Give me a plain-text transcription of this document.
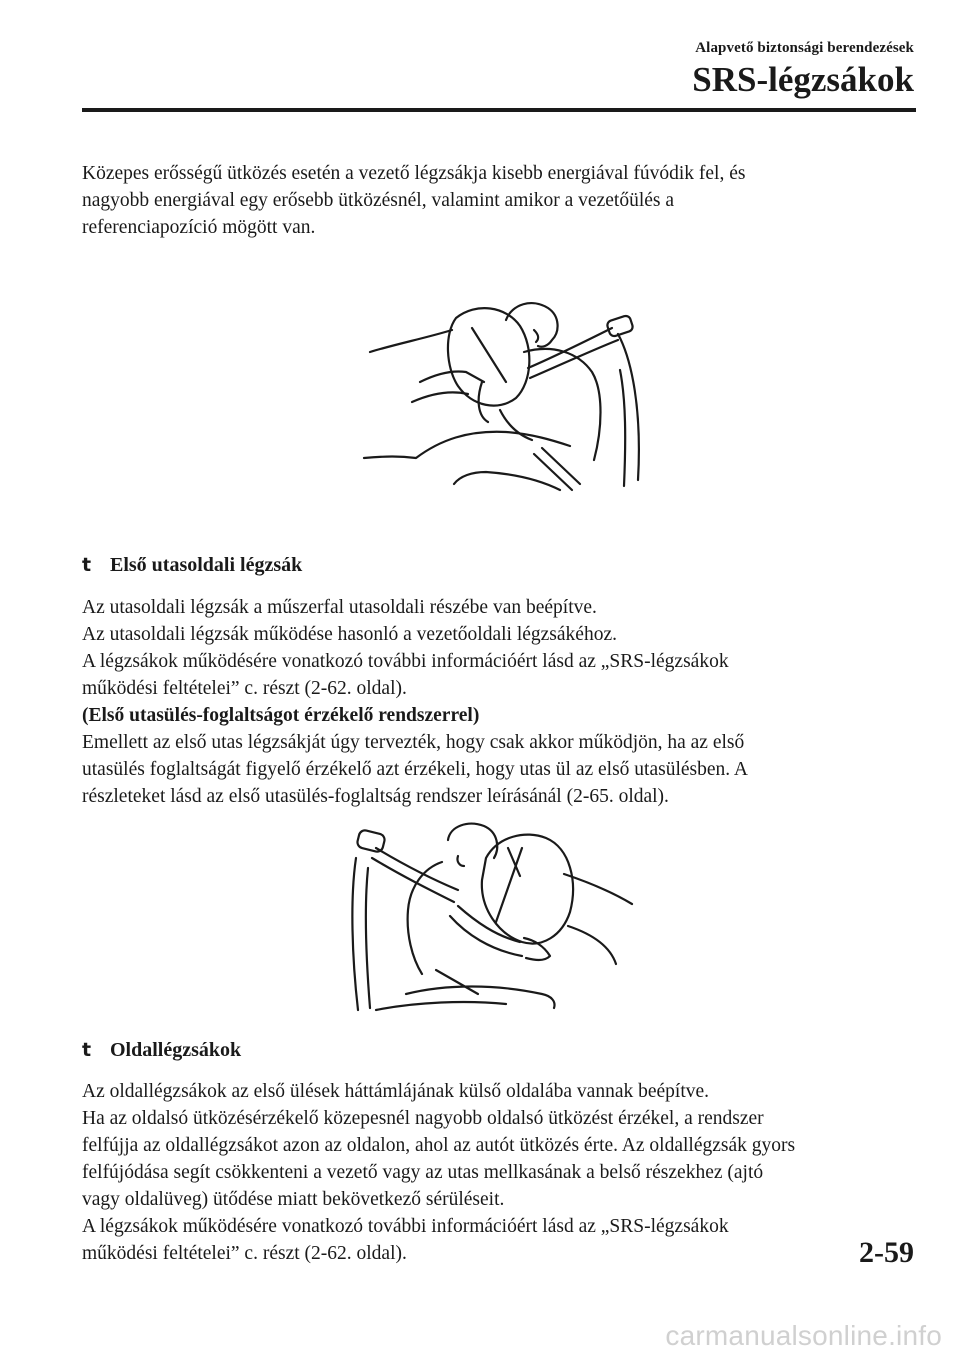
Alapvető biztonsági berendezések
SRS-légzsákok
Közepes erősségű ütközés esetén a vezető légzsákja kisebb energiával fúvódik fel, és
nagyobb energiával egy erősebb ütközésnél, valamint amikor a vezetőülés a
referenciapozíció mögött van.
t Első utasoldali légzsák
Az utasoldali légzsák a műszerfal utasoldali részébe van beépítve.
Az utasoldali légzsák működése hasonló a vezetőoldali légzsákéhoz.
A légzsákok működésére vonatkozó további információért lásd az „SRS-légzsákok
működési feltételei” c. részt (2-62. oldal).
(Első utasülés-foglaltságot érzékelő rendszerrel)
Emellett az első utas légzsákját úgy tervezték, hogy csak akkor működjön, ha az első
utasülés foglaltságát figyelő érzékelő azt érzékeli, hogy utas ül az első utasülésben. A
részleteket lásd az első utasülés-foglaltság rendszer leírásánál (2-65. oldal).
t Oldallégzsákok
Az oldallégzsákok az első ülések háttámlájának külső oldalába vannak beépítve.
Ha az oldalsó ütközésérzékelő közepesnél nagyobb oldalsó ütközést érzékel, a rendszer
felfújja az oldallégzsákot azon az oldalon, ahol az autót ütközés érte. Az oldallégzsák gyors
felfújódása segít csökkenteni a vezető vagy az utas mellkasának a belső részekhez (ajtó
vagy oldalüveg) ütődése miatt bekövetkező sérüléseit.
A légzsákok működésére vonatkozó további információért lásd az „SRS-légzsákok
működési feltételei” c. részt (2-62. oldal).	2-59
carmanualsonline.info
